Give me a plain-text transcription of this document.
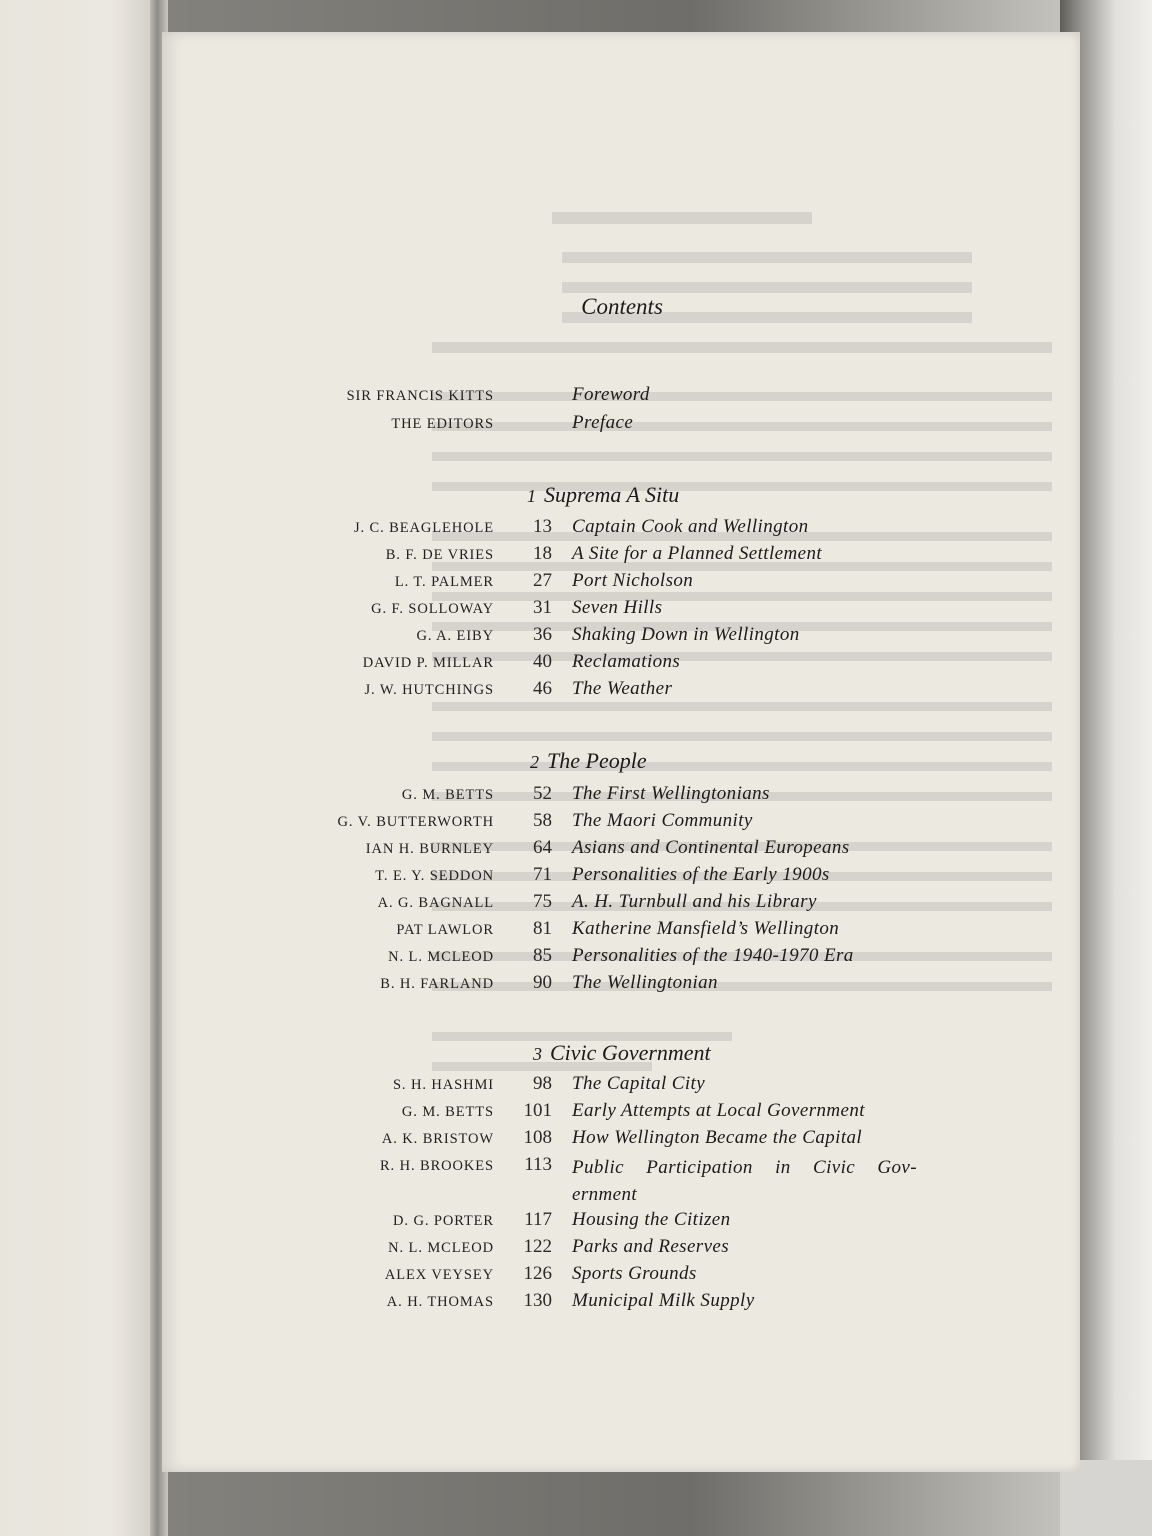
Contents
SIR FRANCIS KITTS	Foreword
THE EDITORS	Preface
1 Suprema A Situ
J. C. BEAGLEHOLE 13 Captain Cook and Wellington
B. F. DE VRIES 18 A Site for a Planned Settlement
L. T. PALMER 27 Port Nicholson
G. F. SOLLOWAY 31 Seven Hills
G. A. EIBY 36 Shaking Down in Wellington
DAVID P. MILLAR 40 Reclamations
J. W. HUTCHINGS 46 The Weather
2 The People
G. M. BETTS 52 The First Wellingtonians
G. V. BUTTERWORTH 58 The Maori Community
IAN H. BURNLEY 64 Asians and Continental Europeans
T. E. Y. SEDDON 71 Personalities of the Early 1900s
A. G. BAGNALL 75 A. H. Turnbull and his Library
PAT LAWLOR 81 Katherine Mansfield’s Wellington
N. L. MCLEOD 85 Personalities of the 1940-1970 Era
B. H. FARLAND 90 The Wellingtonian
3 Civic Government
S. H. HASHMI 98 The Capital City
G. M. BETTS 101 Early Attempts at Local Government
A. K. BRISTOW 108 How Wellington Became the Capital
R. H. BROOKES 113 Public Participation in Civic Gov- ernment
D. G. PORTER 117 Housing the Citizen
N. L. MCLEOD 122 Parks and Reserves
ALEX VEYSEY 126 Sports Grounds
A. H. THOMAS 130 Municipal Milk Supply
